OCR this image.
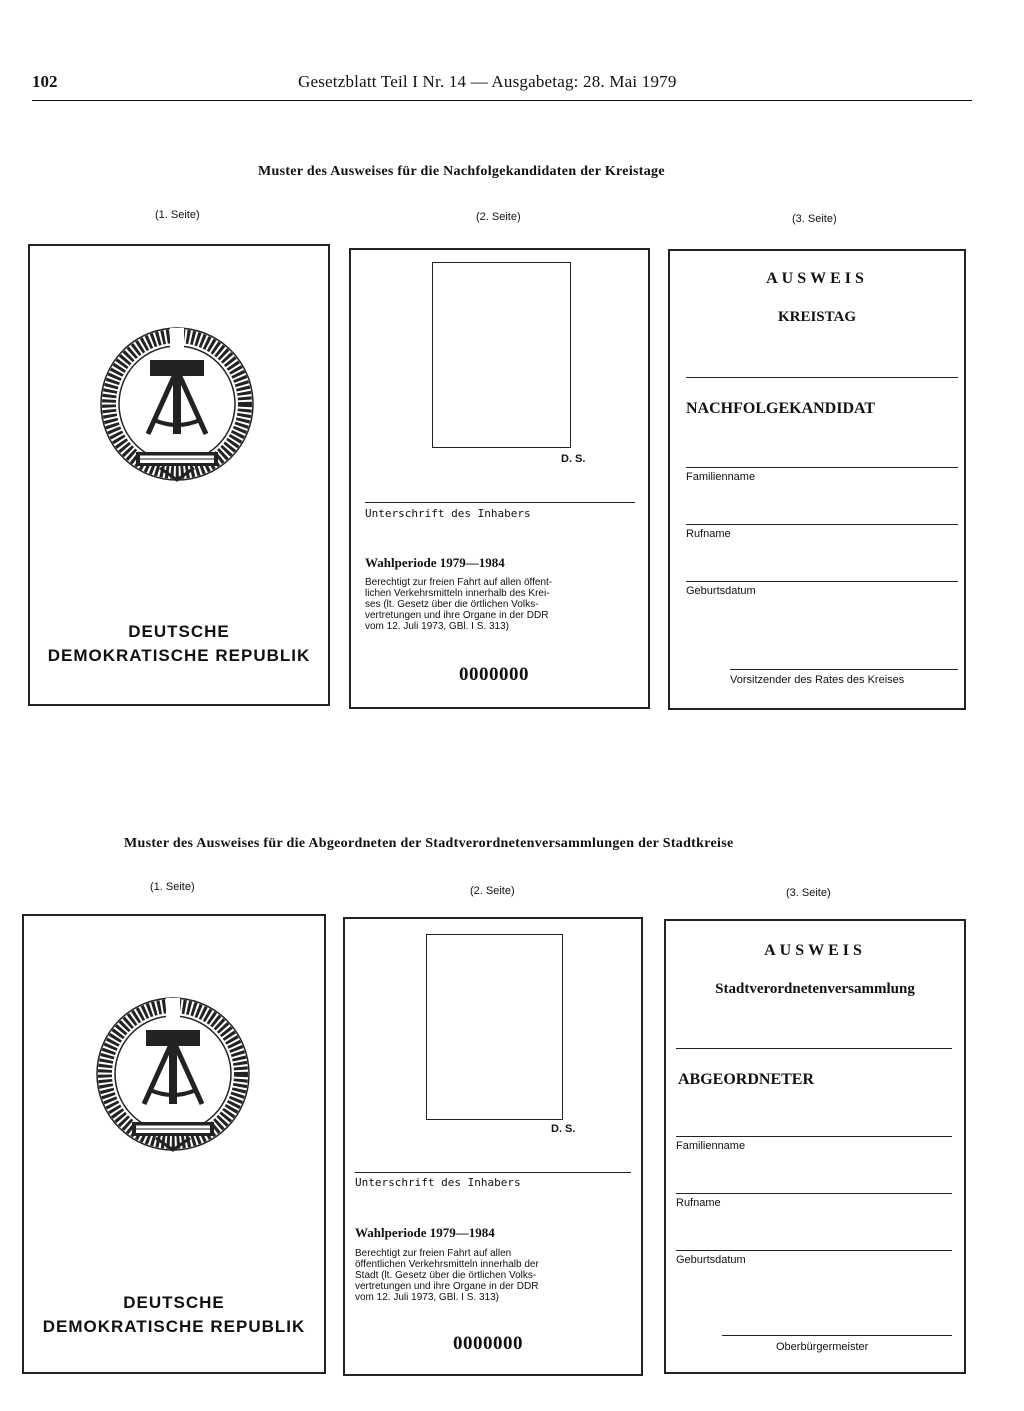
102	Gesetzblatt Teil I Nr. 14 — Ausgabetag: 28. Mai 1979
Muster des Ausweises für die Nachfolgekandidaten der Kreistage
(1. Seite)	(2. Seite)	(3. Seite)
DEUTSCHE
DEMOKRATISCHE REPUBLIK
D. S.
Unterschrift des Inhabers
Wahlperiode 1979—1984
Berechtigt zur freien Fahrt auf allen öffent-
lichen Verkehrsmitteln innerhalb des Krei-
ses (lt. Gesetz über die örtlichen Volks-
vertretungen und ihre Organe in der DDR
vom 12. Juli 1973, GBl. I S. 313)
0000000
AUSWEIS
KREISTAG
NACHFOLGEKANDIDAT
Familienname
Rufname
Geburtsdatum
Vorsitzender des Rates des Kreises
Muster des Ausweises für die Abgeordneten der Stadtverordnetenversammlungen der Stadtkreise
(1. Seite)	(2. Seite)	(3. Seite)
DEUTSCHE
DEMOKRATISCHE REPUBLIK
D. S.
Unterschrift des Inhabers
Wahlperiode 1979—1984
Berechtigt zur freien Fahrt auf allen
öffentlichen Verkehrsmitteln innerhalb der
Stadt (lt. Gesetz über die örtlichen Volks-
vertretungen und ihre Organe in der DDR
vom 12. Juli 1973, GBl. I S. 313)
0000000
AUSWEIS
Stadtverordnetenversammlung
ABGEORDNETER
Familienname
Rufname
Geburtsdatum
Oberbürgermeister
